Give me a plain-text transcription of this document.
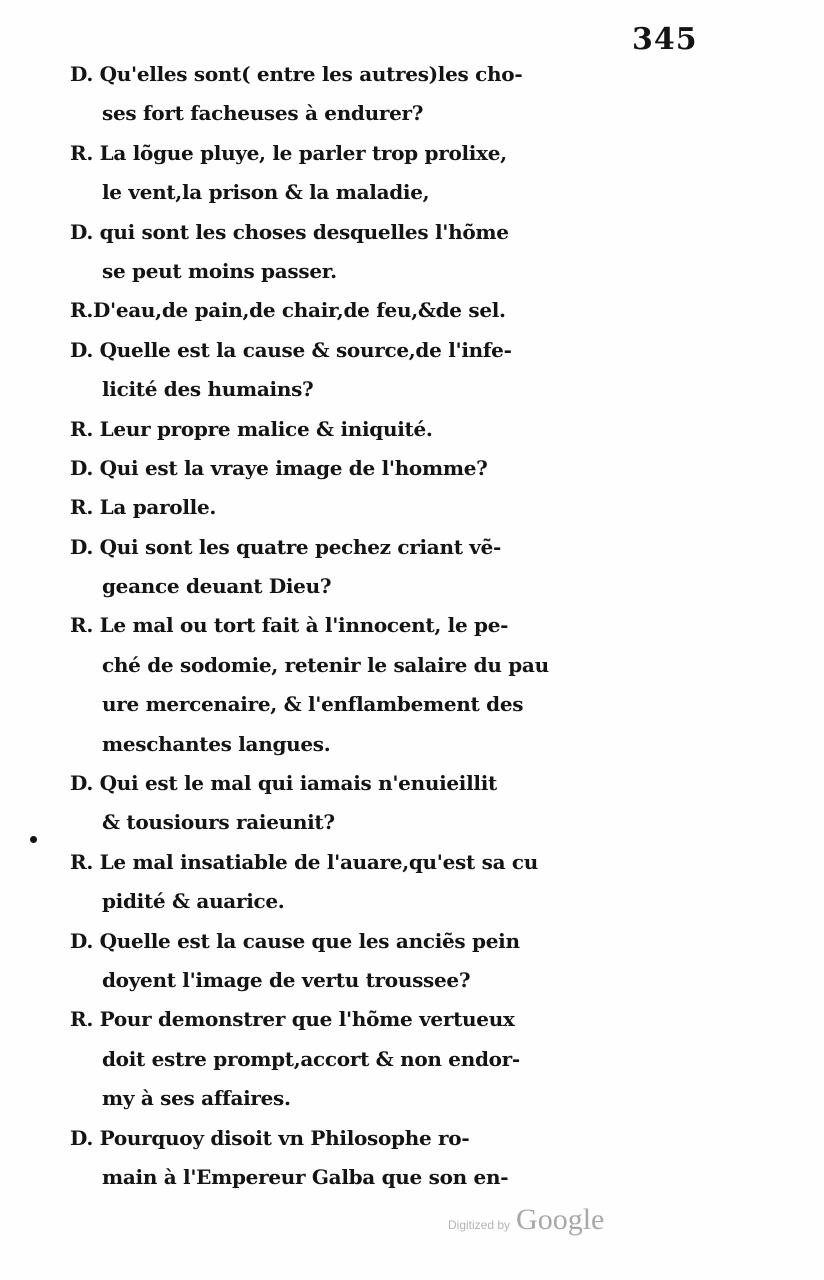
345
D. Qu'elles sont( entre les autres)les cho-
ses fort facheuses à endurer?
R. La lõgue pluye, le parler trop prolixe,
le vent,la prison & la maladie,
D. qui sont les choses desquelles l'hõme
se peut moins passer.
R.D'eau,de pain,de chair,de feu,&de sel.
D. Quelle est la cause & source,de l'infe-
licité des humains?
R. Leur propre malice & iniquité.
D. Qui est la vraye image de l'homme?
R. La parolle.
D. Qui sont les quatre pechez criant vẽ-
geance deuant Dieu?
R. Le mal ou tort fait à l'innocent, le pe-
ché de sodomie, retenir le salaire du pau
ure mercenaire, & l'enflambement des
meschantes langues.
D. Qui est le mal qui iamais n'enuieillit
& tousiours raieunit?
R. Le mal insatiable de l'auare,qu'est sa cu
pidité & auarice.
D. Quelle est la cause que les anciẽs pein
doyent l'image de vertu troussee?
R. Pour demonstrer que l'hõme vertueux
doit estre prompt,accort & non endor-
my à ses affaires.
D. Pourquoy disoit vn Philosophe ro-
main à l'Empereur Galba que son en-
Digitized by Google
